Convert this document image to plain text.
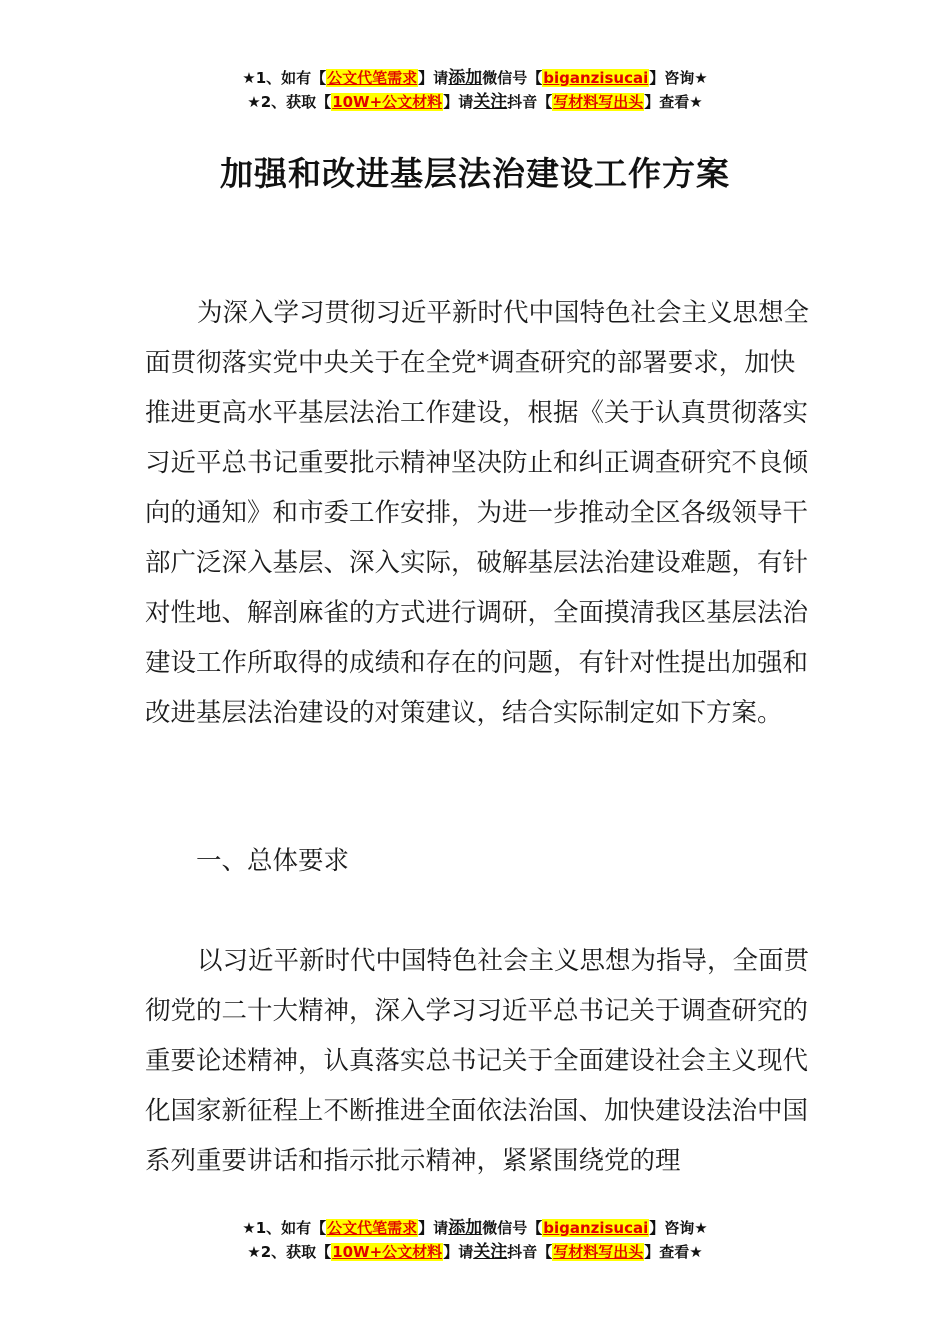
★1、如有【公文代笔需求】请添加微信号【biganzisucai】咨询★
★2、获取【10W+公文材料】请关注抖音【写材料写出头】查看★
加强和改进基层法治建设工作方案

为深入学习贯彻习近平新时代中国特色社会主义思想全面贯彻落实党中央关于在全党*调查研究的部署要求，加快推进更高水平基层法治工作建设，根据《关于认真贯彻落实习近平总书记重要批示精神坚决防止和纠正调查研究不良倾向的通知》和市委工作安排，为进一步推动全区各级领导干部广泛深入基层、深入实际，破解基层法治建设难题，有针对性地、解剖麻雀的方式进行调研，全面摸清我区基层法治建设工作所取得的成绩和存在的问题，有针对性提出加强和改进基层法治建设的对策建议，结合实际制定如下方案。

一、总体要求

以习近平新时代中国特色社会主义思想为指导，全面贯彻党的二十大精神，深入学习习近平总书记关于调查研究的重要论述精神，认真落实总书记关于全面建设社会主义现代化国家新征程上不断推进全面依法治国、加快建设法治中国系列重要讲话和指示批示精神，紧紧围绕党的理

★1、如有【公文代笔需求】请添加微信号【biganzisucai】咨询★
★2、获取【10W+公文材料】请关注抖音【写材料写出头】查看★
